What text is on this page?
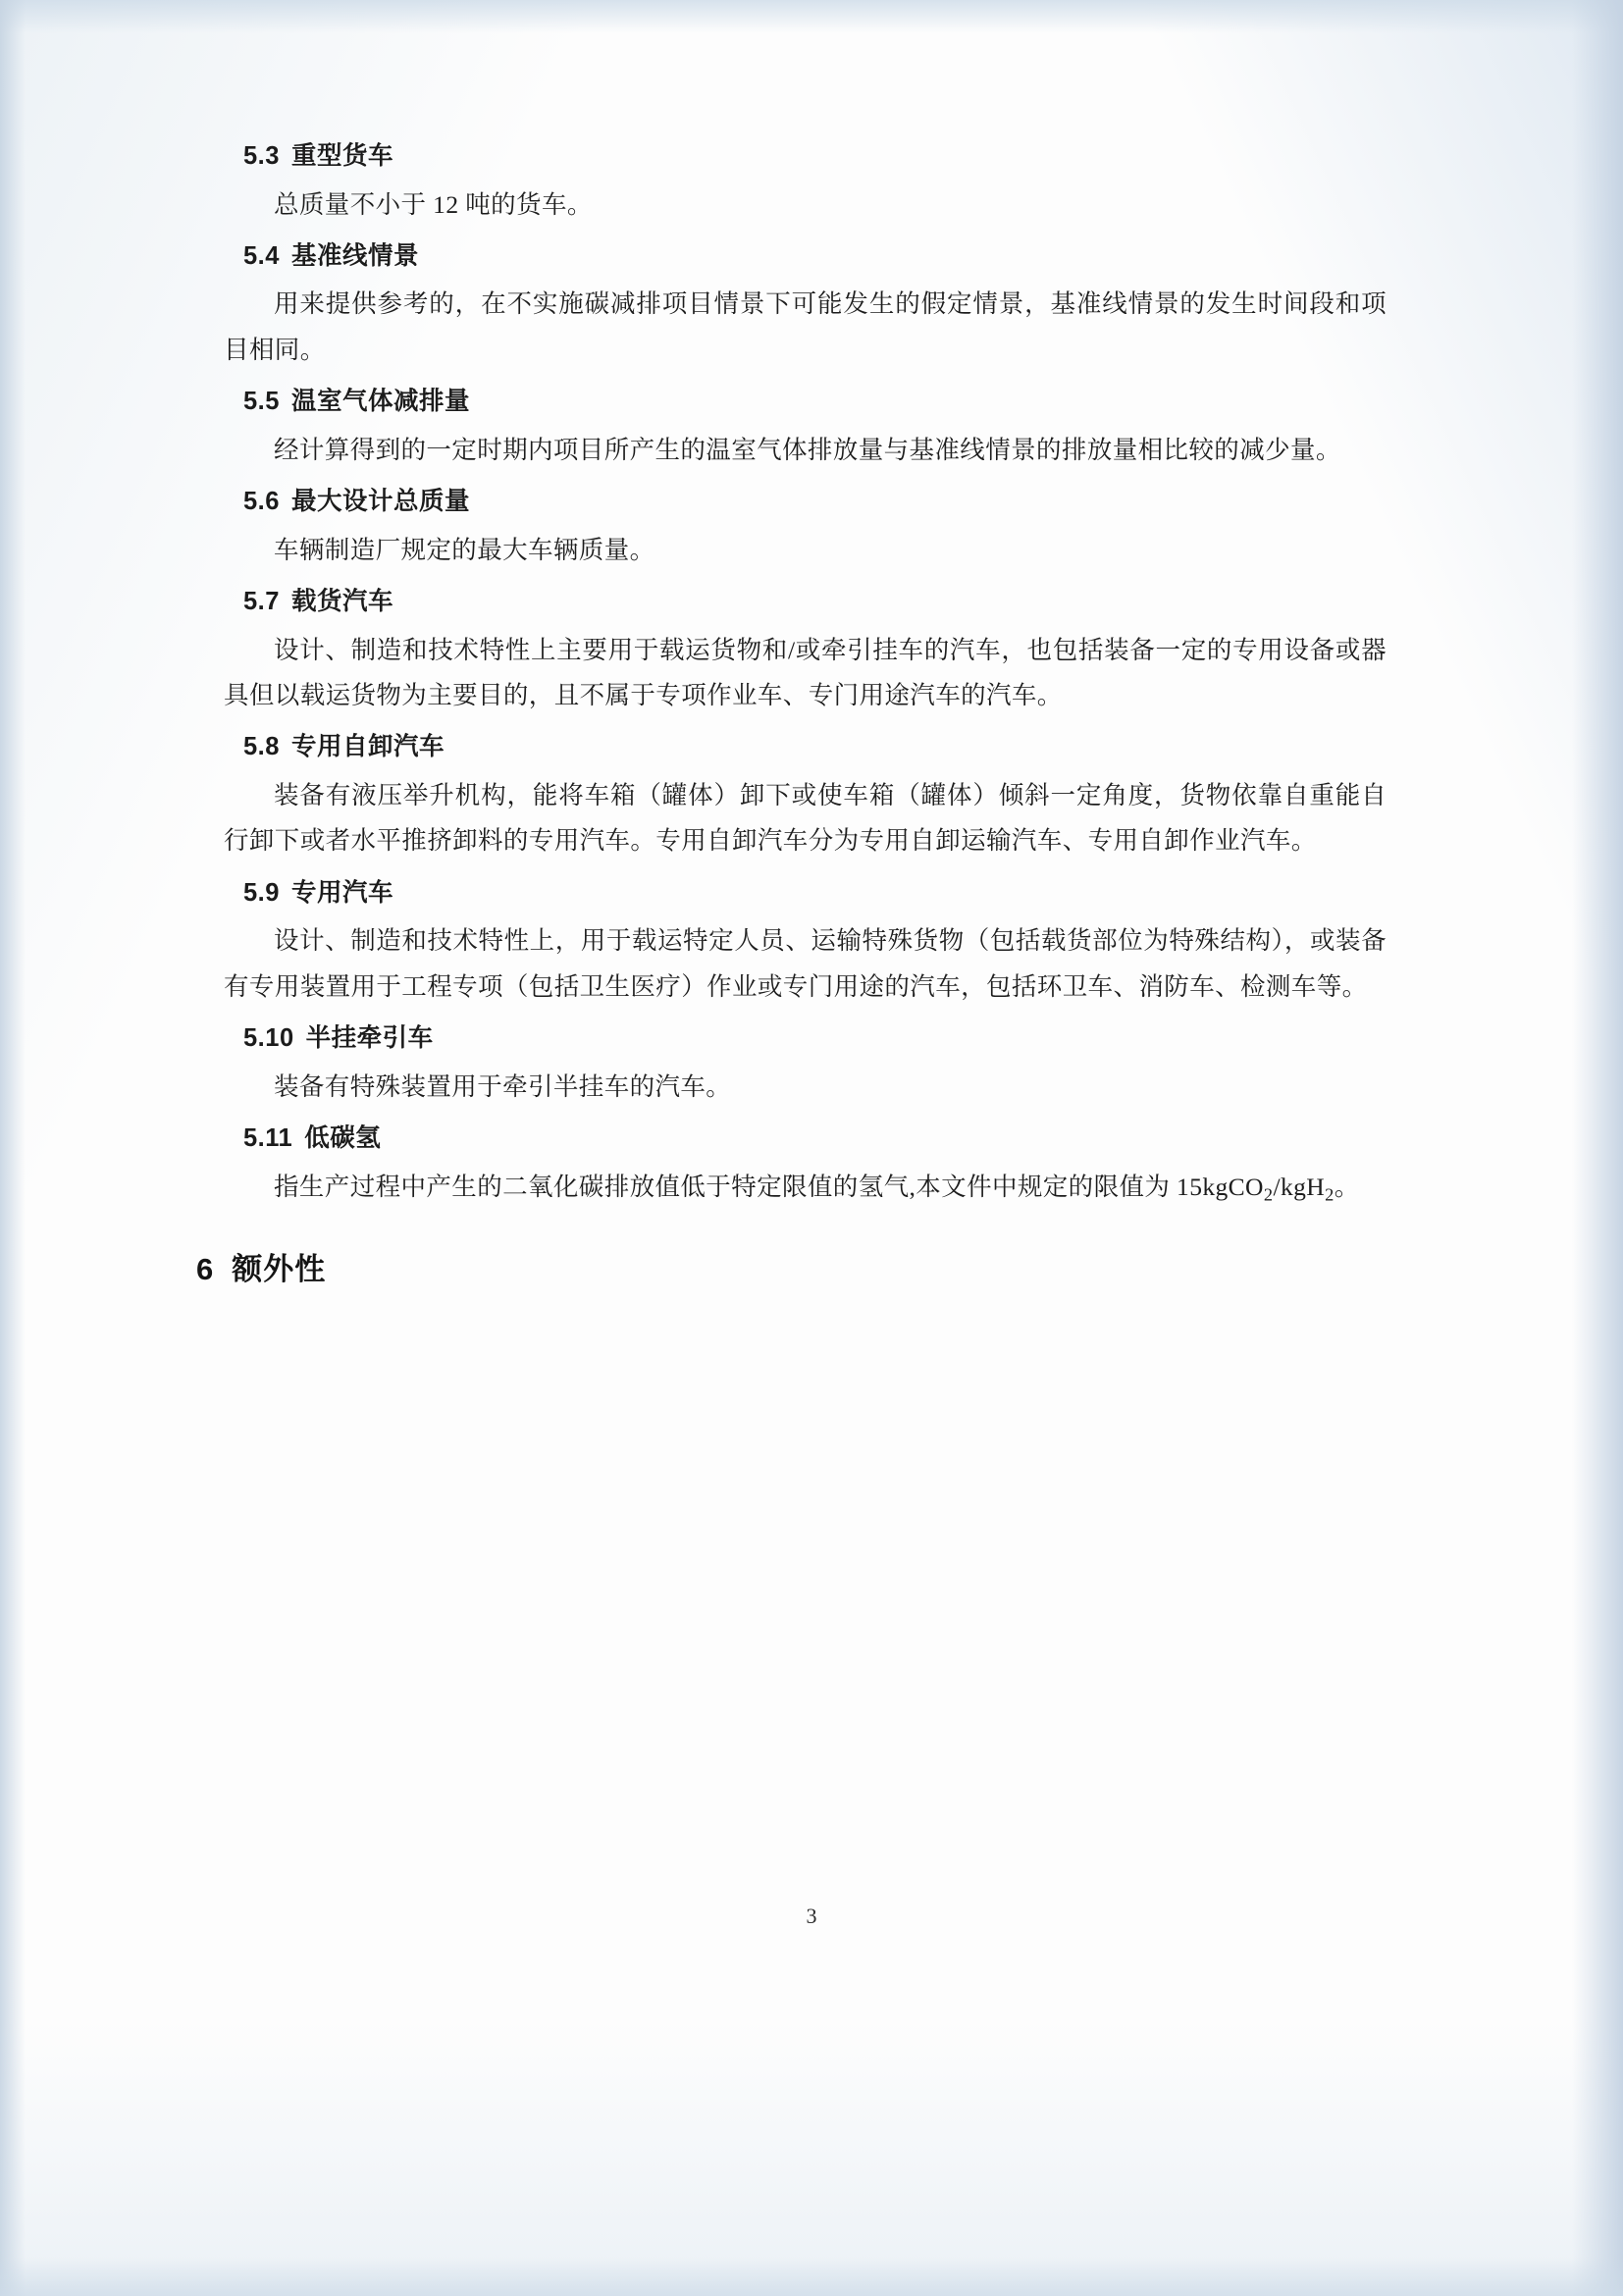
5.3 重型货车

总质量不小于 12 吨的货车。

5.4 基准线情景

用来提供参考的，在不实施碳减排项目情景下可能发生的假定情景，基准线情景的发生时间段和项目相同。

5.5 温室气体减排量

经计算得到的一定时期内项目所产生的温室气体排放量与基准线情景的排放量相比较的减少量。

5.6 最大设计总质量

车辆制造厂规定的最大车辆质量。

5.7 载货汽车

设计、制造和技术特性上主要用于载运货物和/或牵引挂车的汽车，也包括装备一定的专用设备或器具但以载运货物为主要目的，且不属于专项作业车、专门用途汽车的汽车。

5.8 专用自卸汽车

装备有液压举升机构，能将车箱（罐体）卸下或使车箱（罐体）倾斜一定角度，货物依靠自重能自行卸下或者水平推挤卸料的专用汽车。专用自卸汽车分为专用自卸运输汽车、专用自卸作业汽车。

5.9 专用汽车

设计、制造和技术特性上，用于载运特定人员、运输特殊货物（包括载货部位为特殊结构），或装备有专用装置用于工程专项（包括卫生医疗）作业或专门用途的汽车，包括环卫车、消防车、检测车等。

5.10 半挂牵引车

装备有特殊装置用于牵引半挂车的汽车。

5.11 低碳氢

指生产过程中产生的二氧化碳排放值低于特定限值的氢气,本文件中规定的限值为 15kgCO$_2$/kgH$_2$。

6 额外性
3
